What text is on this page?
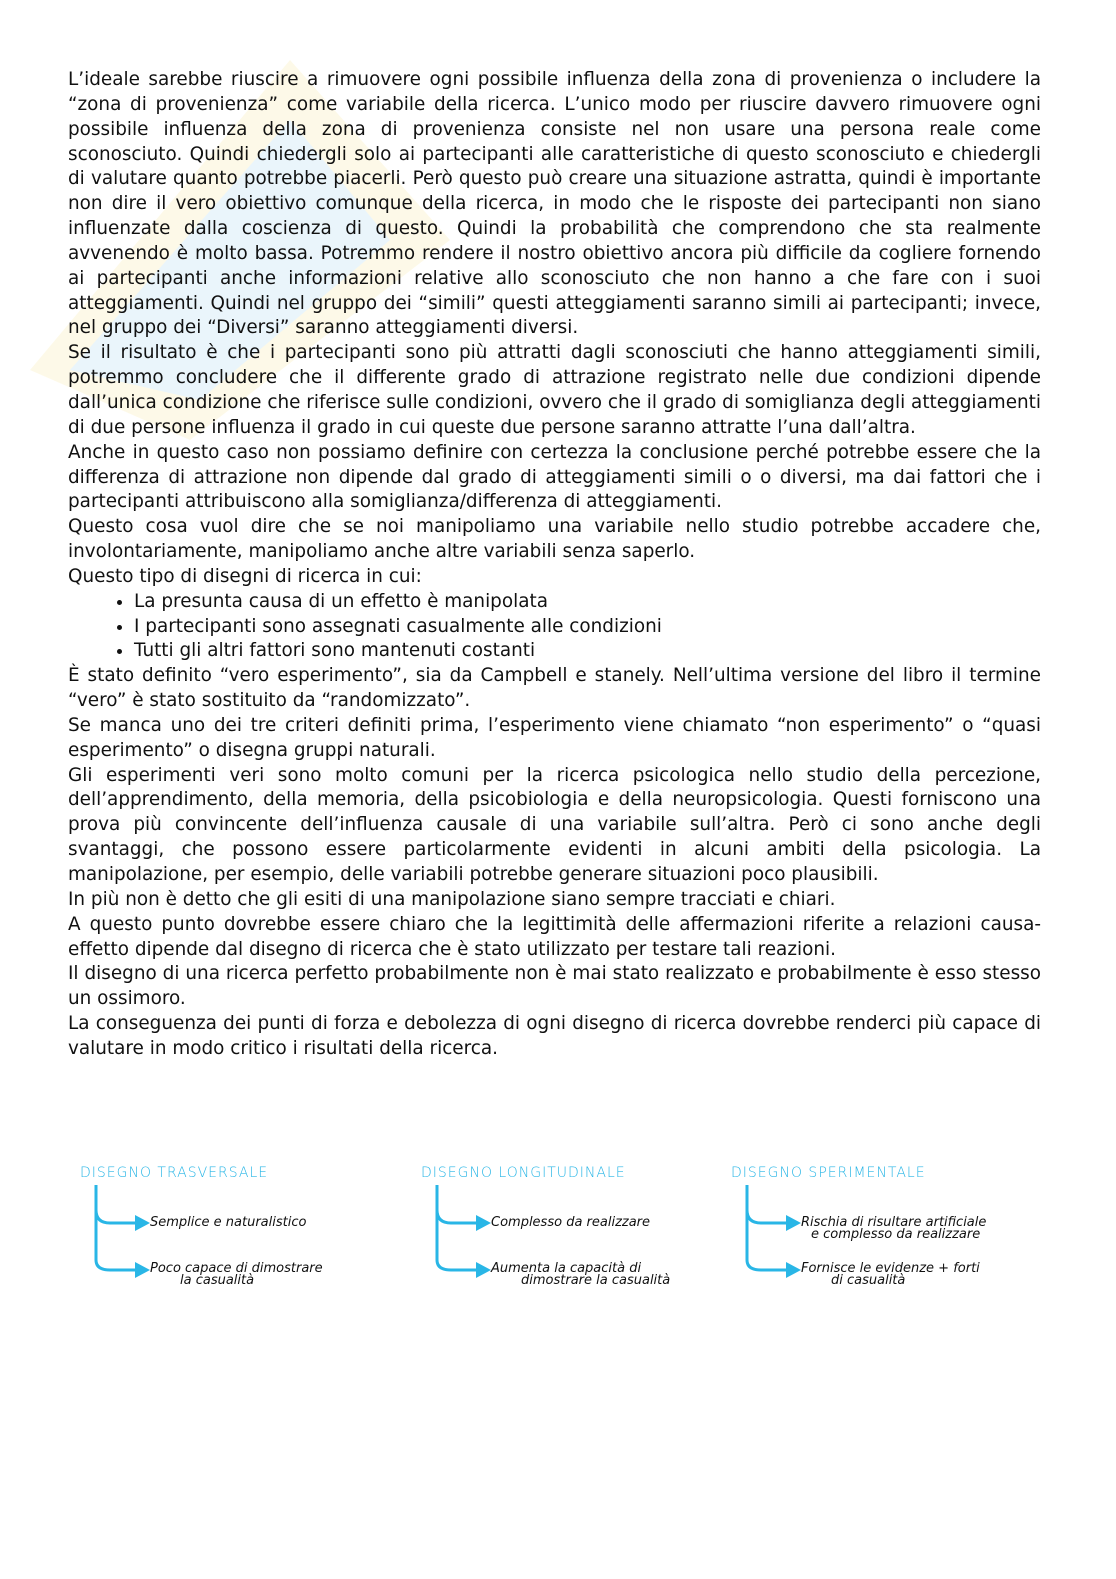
L’ideale sarebbe riuscire a rimuovere ogni possibile influenza della zona di provenienza o includere la “zona di provenienza” come variabile della ricerca. L’unico modo per riuscire davvero rimuovere ogni possibile influenza della zona di provenienza consiste nel non usare una persona reale come sconosciuto. Quindi chiedergli solo ai partecipanti alle caratteristiche di questo sconosciuto e chiedergli di valutare quanto potrebbe piacerli. Però questo può creare una situazione astratta, quindi è importante non dire il vero obiettivo comunque della ricerca, in modo che le risposte dei partecipanti non siano influenzate dalla coscienza di questo. Quindi la probabilità che comprendono che sta realmente avvenendo è molto bassa. Potremmo rendere il nostro obiettivo ancora più difficile da cogliere fornendo ai partecipanti anche informazioni relative allo sconosciuto che non hanno a che fare con i suoi atteggiamenti. Quindi nel gruppo dei “simili” questi atteggiamenti saranno simili ai partecipanti; invece, nel gruppo dei “Diversi” saranno atteggiamenti diversi.

Se il risultato è che i partecipanti sono più attratti dagli sconosciuti che hanno atteggiamenti simili, potremmo concludere che il differente grado di attrazione registrato nelle due condizioni dipende dall’unica condizione che riferisce sulle condizioni, ovvero che il grado di somiglianza degli atteggiamenti di due persone influenza il grado in cui queste due persone saranno attratte l’una dall’altra.

Anche in questo caso non possiamo definire con certezza la conclusione perché potrebbe essere che la differenza di attrazione non dipende dal grado di atteggiamenti simili o o diversi, ma dai fattori che i partecipanti attribuiscono alla somiglianza/differenza di atteggiamenti.

Questo cosa vuol dire che se noi manipoliamo una variabile nello studio potrebbe accadere che, involontariamente, manipoliamo anche altre variabili senza saperlo.

Questo tipo di disegni di ricerca in cui:

• La presunta causa di un effetto è manipolata
• I partecipanti sono assegnati casualmente alle condizioni
• Tutti gli altri fattori sono mantenuti costanti

È stato definito “vero esperimento”, sia da Campbell e stanely. Nell’ultima versione del libro il termine “vero” è stato sostituito da “randomizzato”.

Se manca uno dei tre criteri definiti prima, l’esperimento viene chiamato “non esperimento” o “quasi esperimento” o disegna gruppi naturali.

Gli esperimenti veri sono molto comuni per la ricerca psicologica nello studio della percezione, dell’apprendimento, della memoria, della psicobiologia e della neuropsicologia. Questi forniscono una prova più convincente dell’influenza causale di una variabile sull’altra. Però ci sono anche degli svantaggi, che possono essere particolarmente evidenti in alcuni ambiti della psicologia. La manipolazione, per esempio, delle variabili potrebbe generare situazioni poco plausibili.

In più non è detto che gli esiti di una manipolazione siano sempre tracciati e chiari.

A questo punto dovrebbe essere chiaro che la legittimità delle affermazioni riferite a relazioni causa-effetto dipende dal disegno di ricerca che è stato utilizzato per testare tali reazioni.

Il disegno di una ricerca perfetto probabilmente non è mai stato realizzato e probabilmente è esso stesso un ossimoro.

La conseguenza dei punti di forza e debolezza di ogni disegno di ricerca dovrebbe renderci più capace di valutare in modo critico i risultati della ricerca.

DISEGNO TRASVERSALE
Semplice e naturalistico
Poco capace di dimostrare
la casualità
DISEGNO LONGITUDINALE
Complesso da realizzare
Aumenta la capacità di
dimostrare la casualità
DISEGNO SPERIMENTALE
Rischia di risultare artificiale
e complesso da realizzare
Fornisce le evidenze + forti
di casualità
